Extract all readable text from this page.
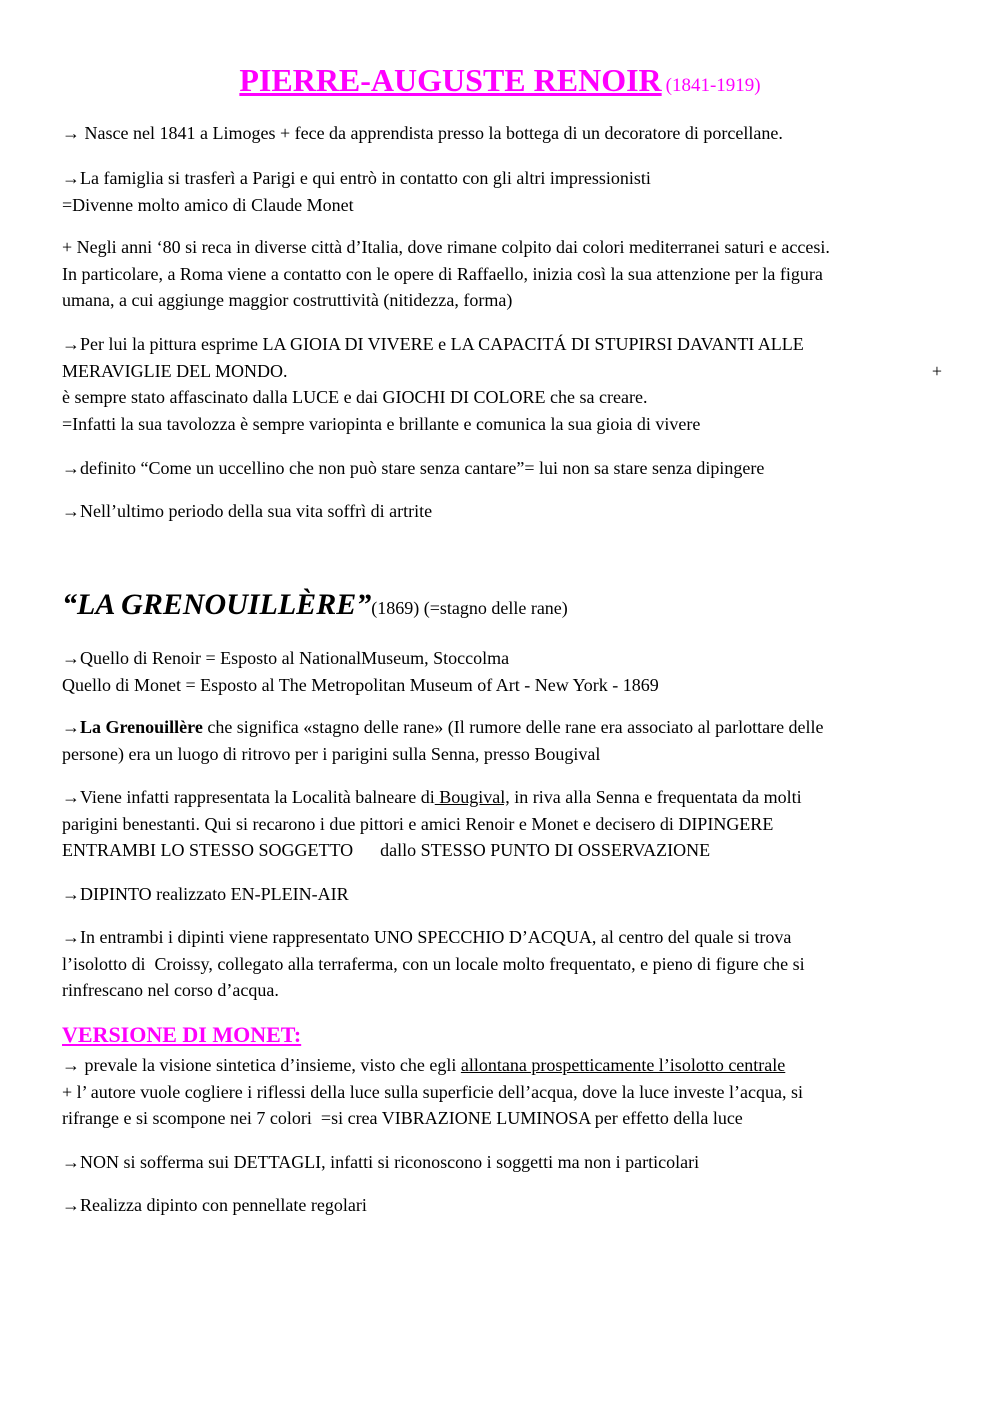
PIERRE-AUGUSTE RENOIR (1841-1919)
→ Nasce nel 1841 a Limoges + fece da apprendista presso la bottega di un decoratore di porcellane.
→La famiglia si trasferì a Parigi e qui entrò in contatto con gli altri impressionisti
=Divenne molto amico di Claude Monet
+ Negli anni ‘80 si reca in diverse città d’Italia, dove rimane colpito dai colori mediterranei saturi e accesi.
In particolare, a Roma viene a contatto con le opere di Raffaello, inizia così la sua attenzione per la figura
umana, a cui aggiunge maggior costruttività (nitidezza, forma)
→Per lui la pittura esprime LA GIOIA DI VIVERE e LA CAPACITÁ DI STUPIRSI DAVANTI ALLE
MERAVIGLIE DEL MONDO.	+
è sempre stato affascinato dalla LUCE e dai GIOCHI DI COLORE che sa creare.
=Infatti la sua tavolozza è sempre variopinta e brillante e comunica la sua gioia di vivere
→definito “Come un uccellino che non può stare senza cantare”= lui non sa stare senza dipingere
→Nell’ultimo periodo della sua vita soffrì di artrite
“LA GRENOUILLÈRE”(1869) (=stagno delle rane)
→Quello di Renoir = Esposto al NationalMuseum, Stoccolma
Quello di Monet = Esposto al The Metropolitan Museum of Art - New York - 1869
→La Grenouillère che significa «stagno delle rane» (Il rumore delle rane era associato al parlottare delle
persone) era un luogo di ritrovo per i parigini sulla Senna, presso Bougival
→Viene infatti rappresentata la Località balneare di Bougival, in riva alla Senna e frequentata da molti
parigini benestanti. Qui si recarono i due pittori e amici Renoir e Monet e decisero di DIPINGERE
ENTRAMBI LO STESSO SOGGETTO      dallo STESSO PUNTO DI OSSERVAZIONE
→DIPINTO realizzato EN-PLEIN-AIR
→In entrambi i dipinti viene rappresentato UNO SPECCHIO D’ACQUA, al centro del quale si trova
l’isolotto di  Croissy, collegato alla terraferma, con un locale molto frequentato, e pieno di figure che si
rinfrescano nel corso d’acqua.
VERSIONE DI MONET:
→ prevale la visione sintetica d’insieme, visto che egli allontana prospetticamente l’isolotto centrale
+ l’ autore vuole cogliere i riflessi della luce sulla superficie dell’acqua, dove la luce investe l’acqua, si
rifrange e si scompone nei 7 colori  =si crea VIBRAZIONE LUMINOSA per effetto della luce
→NON si sofferma sui DETTAGLI, infatti si riconoscono i soggetti ma non i particolari
→Realizza dipinto con pennellate regolari
